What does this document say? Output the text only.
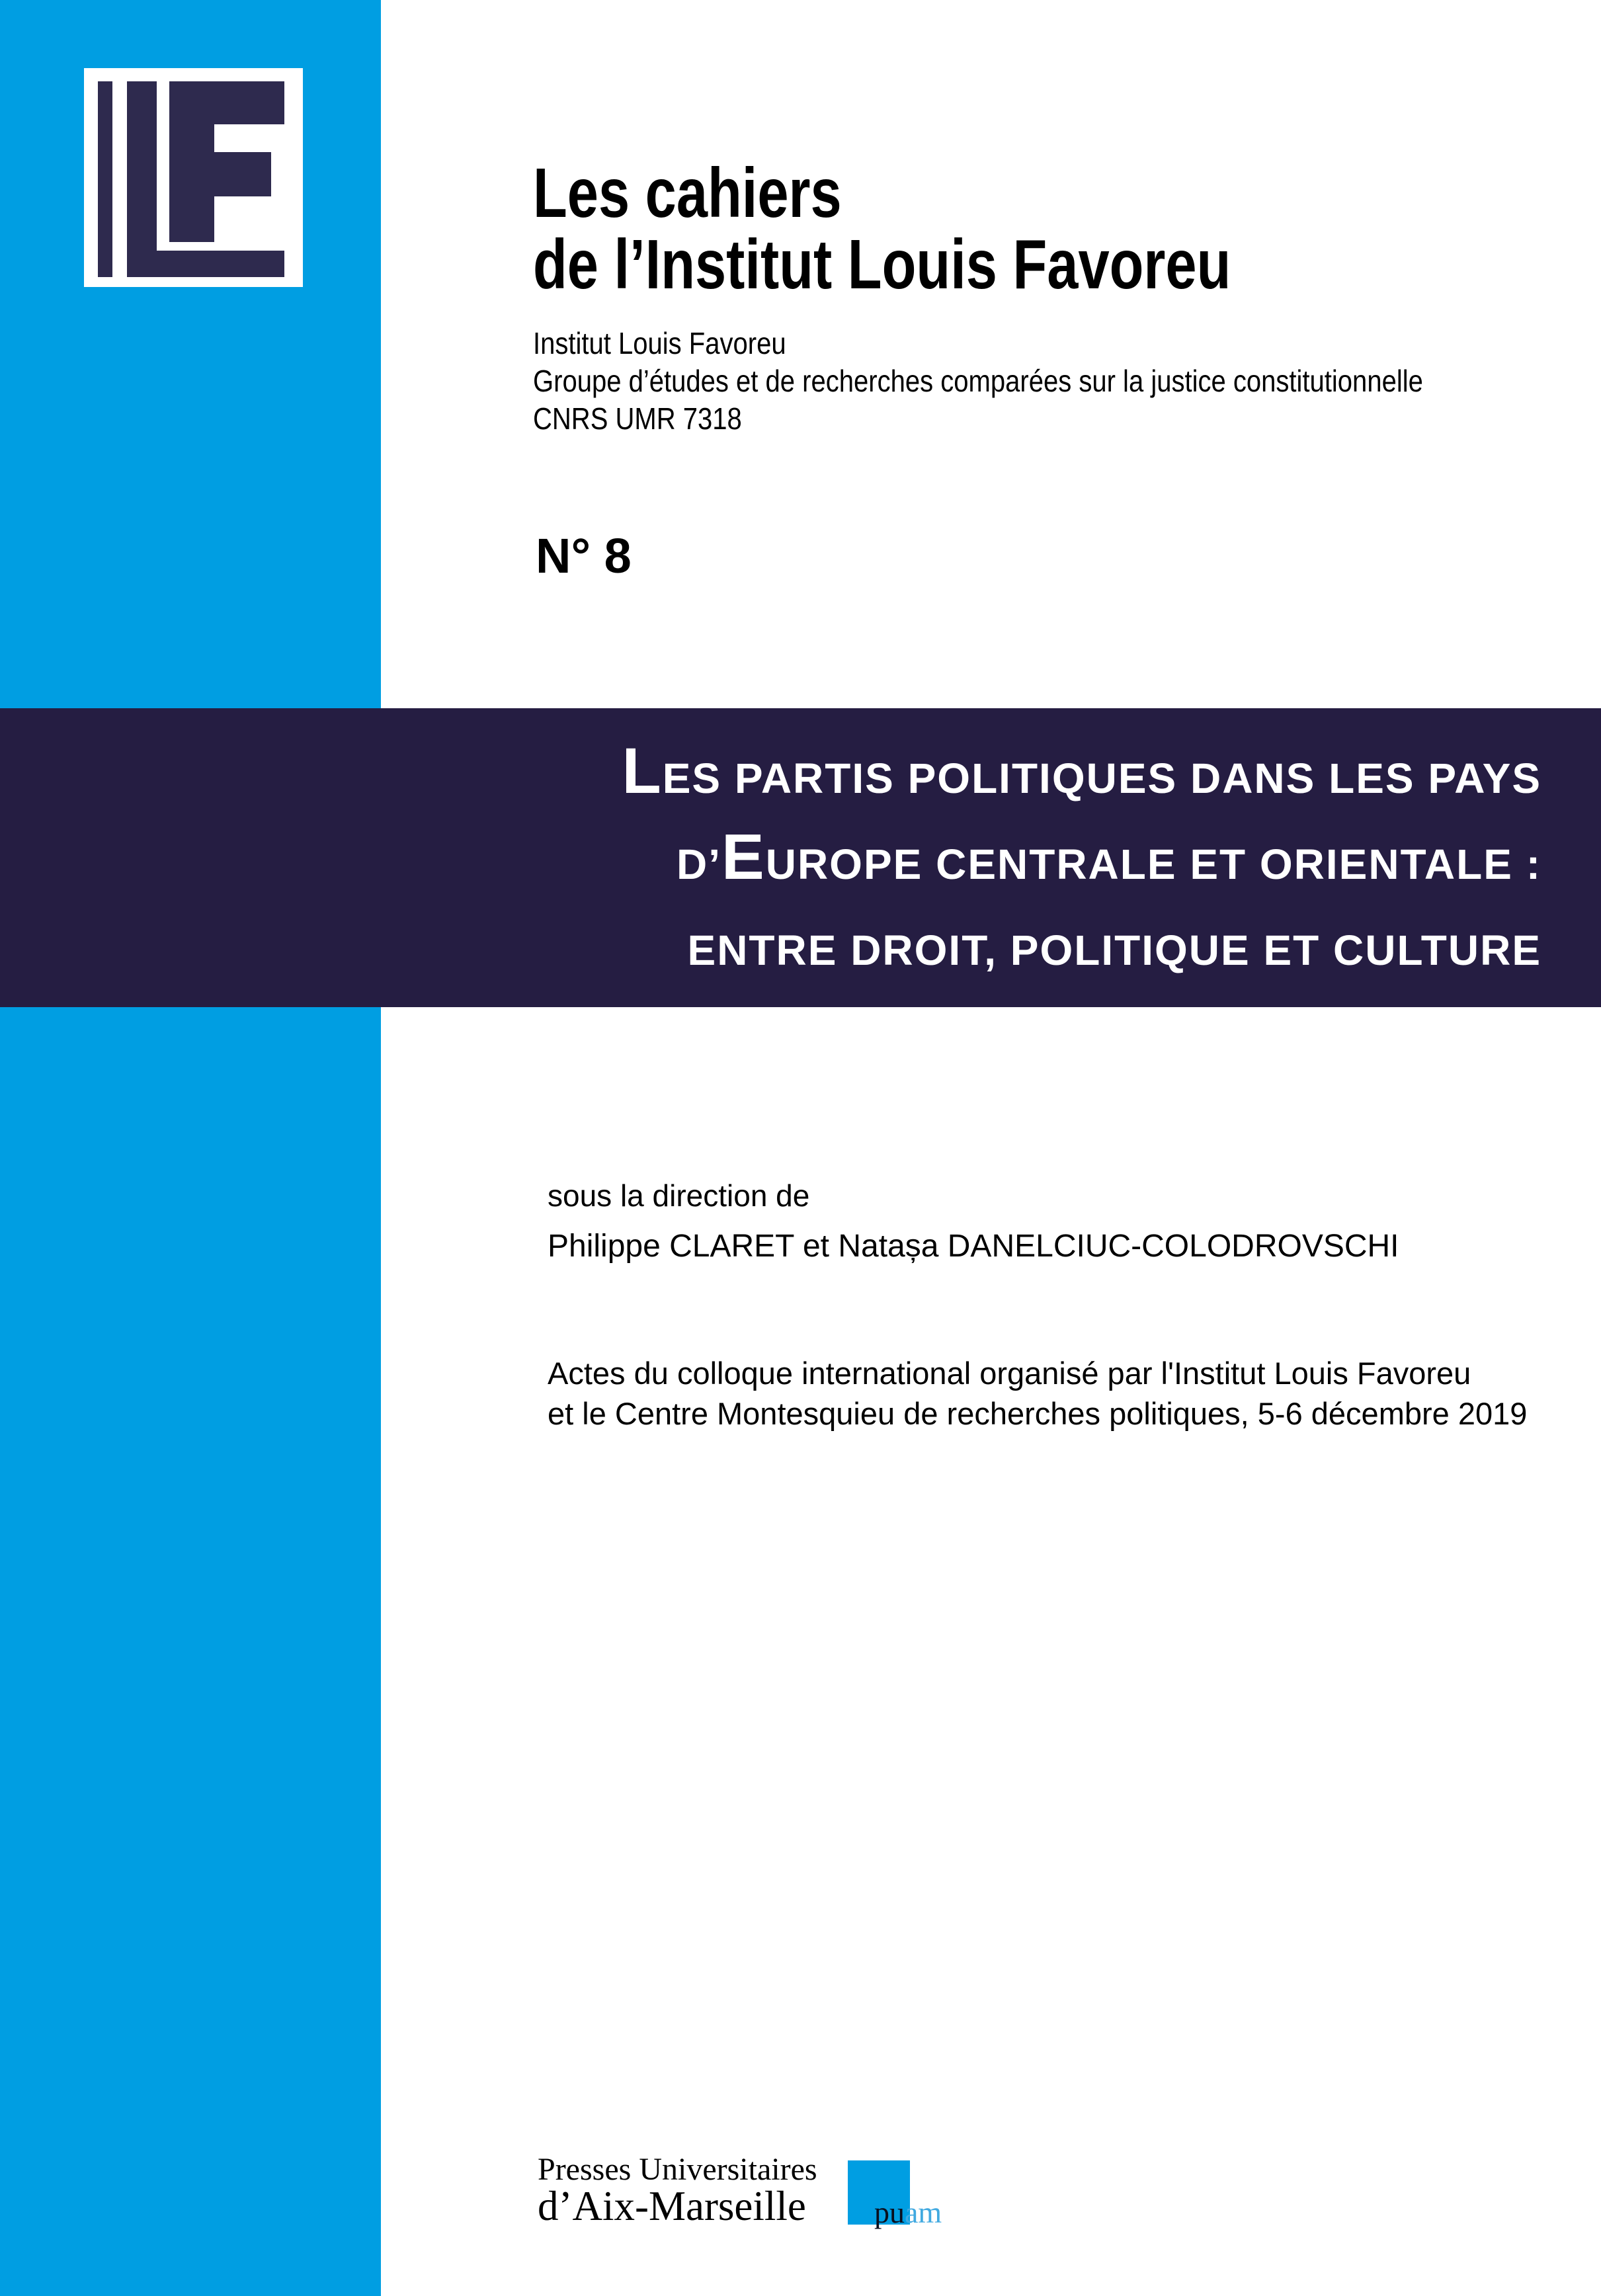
Les cahiers
de l’Institut Louis Favoreu
Institut Louis Favoreu
Groupe d’études et de recherches comparées sur la justice constitutionnelle
CNRS UMR 7318
N° 8
LES PARTIS POLITIQUES DANS LES PAYS
D’EUROPE CENTRALE ET ORIENTALE :
ENTRE DROIT, POLITIQUE ET CULTURE
sous la direction de
Philippe CLARET et Natașa DANELCIUC-COLODROVSCHI
Actes du colloque international organisé par l'Institut Louis Favoreu
et le Centre Montesquieu de recherches politiques, 5-6 décembre 2019
Presses Universitaires
d’Aix-Marseille puam
